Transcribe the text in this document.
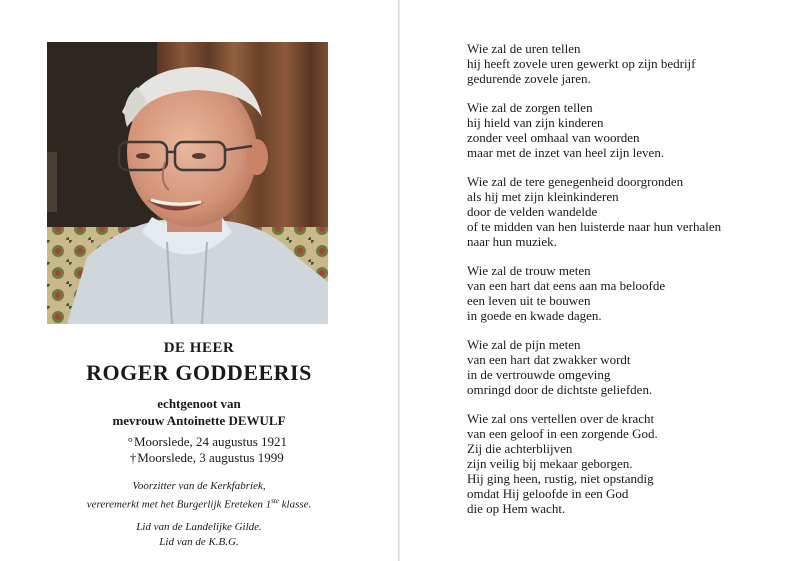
DE HEER
ROGER GODDEERIS
echtgenoot van
mevrouw Antoinette DEWULF
°Moorslede, 24 augustus 1921
†Moorslede, 3 augustus 1999
Voorzitter van de Kerkfabriek,
vereremerkt met het Burgerlijk Ereteken 1ste klasse.
Lid van de Landelijke Gilde.
Lid van de K.B.G.
Wie zal de uren tellen
hij heeft zovele uren gewerkt op zijn bedrijf
gedurende zovele jaren.
Wie zal de zorgen tellen
hij hield van zijn kinderen
zonder veel omhaal van woorden
maar met de inzet van heel zijn leven.
Wie zal de tere genegenheid doorgronden
als hij met zijn kleinkinderen
door de velden wandelde
of te midden van hen luisterde naar hun verhalen
naar hun muziek.
Wie zal de trouw meten
van een hart dat eens aan ma beloofde
een leven uit te bouwen
in goede en kwade dagen.
Wie zal de pijn meten
van een hart dat zwakker wordt
in de vertrouwde omgeving
omringd door de dichtste geliefden.
Wie zal ons vertellen over de kracht
van een geloof in een zorgende God.
Zij die achterblijven
zijn veilig bij mekaar geborgen.
Hij ging heen, rustig, niet opstandig
omdat Hij geloofde in een God
die op Hem wacht.
